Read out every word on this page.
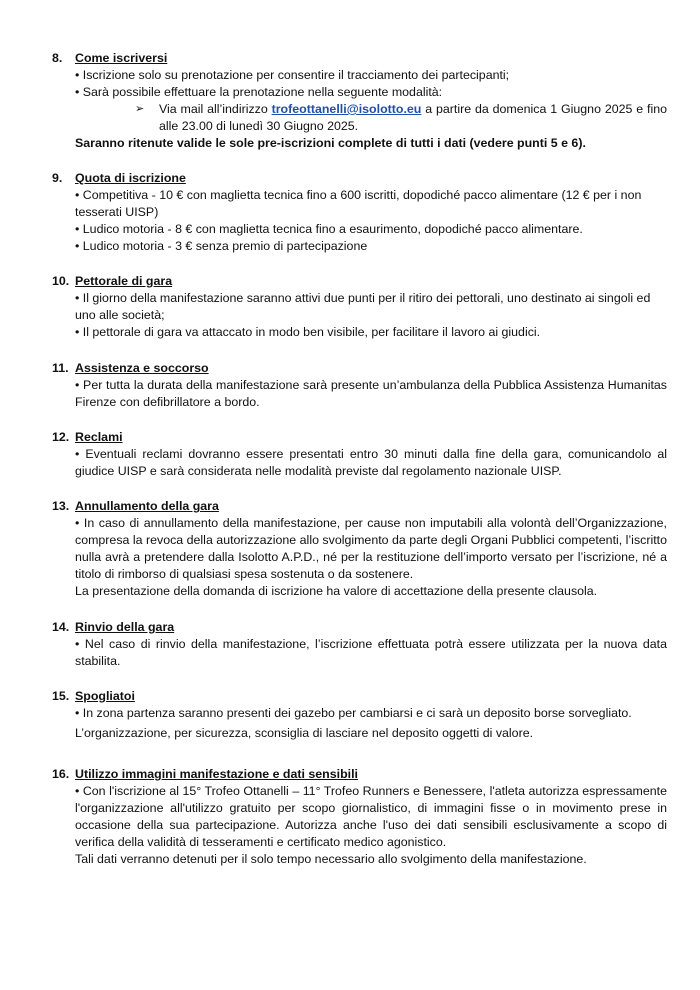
8. Come iscriversi
• Iscrizione solo su prenotazione per consentire il tracciamento dei partecipanti;
• Sarà possibile effettuare la prenotazione nella seguente modalità:
➢ Via mail all’indirizzo trofeottanelli@isolotto.eu a partire da domenica 1 Giugno 2025 e fino alle 23.00 di lunedì 30 Giugno 2025.
Saranno ritenute valide le sole pre-iscrizioni complete di tutti i dati (vedere punti 5 e 6).
9. Quota di iscrizione
• Competitiva - 10 € con maglietta tecnica fino a 600 iscritti, dopodiché pacco alimentare (12 € per i non tesserati UISP)
• Ludico motoria - 8 € con maglietta tecnica fino a esaurimento, dopodiché pacco alimentare.
• Ludico motoria - 3 € senza premio di partecipazione
10. Pettorale di gara
• Il giorno della manifestazione saranno attivi due punti per il ritiro dei pettorali, uno destinato ai singoli ed uno alle società;
• Il pettorale di gara va attaccato in modo ben visibile, per facilitare il lavoro ai giudici.
11. Assistenza e soccorso
• Per tutta la durata della manifestazione sarà presente un’ambulanza della Pubblica Assistenza Humanitas Firenze con defibrillatore a bordo.
12. Reclami
• Eventuali reclami dovranno essere presentati entro 30 minuti dalla fine della gara, comunicandolo al giudice UISP e sarà considerata nelle modalità previste dal regolamento nazionale UISP.
13. Annullamento della gara
• In caso di annullamento della manifestazione, per cause non imputabili alla volontà dell’Organizzazione, compresa la revoca della autorizzazione allo svolgimento da parte degli Organi Pubblici competenti, l’iscritto nulla avrà a pretendere dalla Isolotto A.P.D., né per la restituzione dell’importo versato per l’iscrizione, né a titolo di rimborso di qualsiasi spesa sostenuta o da sostenere.
La presentazione della domanda di iscrizione ha valore di accettazione della presente clausola.
14. Rinvio della gara
• Nel caso di rinvio della manifestazione, l’iscrizione effettuata potrà essere utilizzata per la nuova data stabilita.
15. Spogliatoi
• In zona partenza saranno presenti dei gazebo per cambiarsi e ci sarà un deposito borse sorvegliato.
L’organizzazione, per sicurezza, sconsiglia di lasciare nel deposito oggetti di valore.
16. Utilizzo immagini manifestazione e dati sensibili
• Con l'iscrizione al 15° Trofeo Ottanelli – 11° Trofeo Runners e Benessere, l'atleta autorizza espressamente l'organizzazione all'utilizzo gratuito per scopo giornalistico, di immagini fisse o in movimento prese in occasione della sua partecipazione. Autorizza anche l'uso dei dati sensibili esclusivamente a scopo di verifica della validità di tesseramenti e certificato medico agonistico.
Tali dati verranno detenuti per il solo tempo necessario allo svolgimento della manifestazione.
